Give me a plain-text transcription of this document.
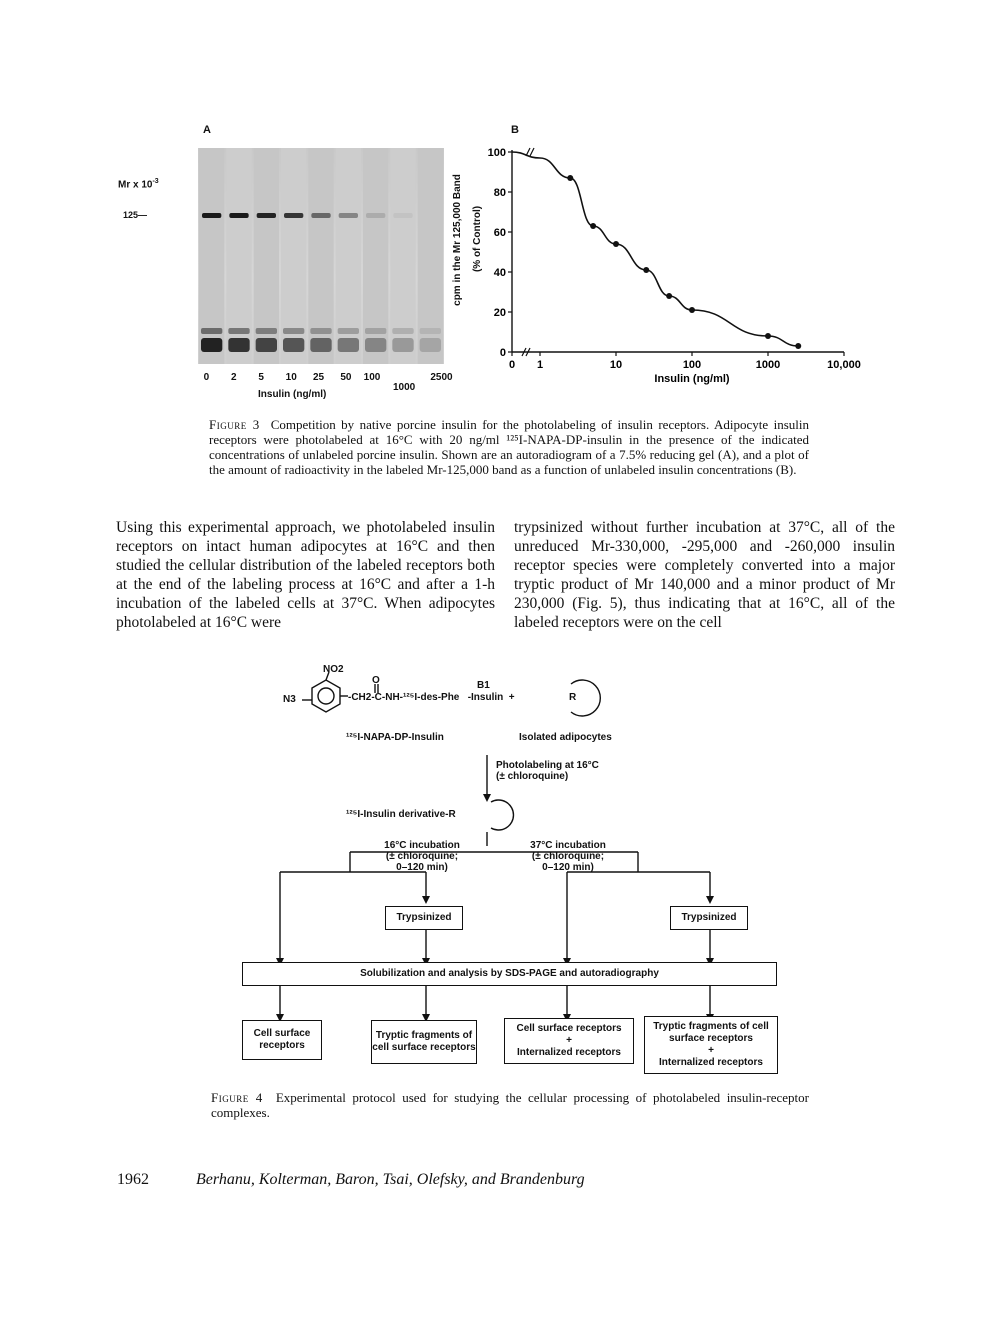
A
Mr x $10^{-3}$
125—
0 2 5 10 25 50 100
1000
2500
Insulin (ng/ml)
B
cpm in the Mr 125,000 Band (% of Control)
0
20
40
60
80
100
0 1	10	100	1000	10,000
Insulin (ng/ml)
Figure 3 Competition by native porcine insulin for the photolabeling of insulin receptors. Adipocyte insulin receptors were photolabeled at 16°C with 20 ng/ml ¹²⁵I-NAPA-DP-insulin in the presence of the indicated concentrations of unlabeled porcine insulin. Shown are an autoradiogram of a 7.5% reducing gel (A), and a plot of the amount of radioactivity in the labeled Mr-125,000 band as a function of unlabeled insulin concentrations (B).
Using this experimental approach, we photolabeled insulin receptors on intact human adipocytes at 16°C and then studied the cellular distribution of the labeled receptors both at the end of the labeling process at 16°C and after a 1-h incubation of the labeled cells at 37°C. When adipocytes photolabeled at 16°C were
trypsinized without further incubation at 37°C, all of the unreduced Mr-330,000, -295,000 and -260,000 insulin receptor species were completely converted into a major tryptic product of Mr 140,000 and a minor product of Mr 230,000 (Fig. 5), thus indicating that at 16°C, all of the labeled receptors were on the cell
NO2
N3
O	B1
-CH2-C-NH-¹²⁵I-des-Phe   -Insulin  +	R
¹²⁵I-NAPA-DP-Insulin	Isolated adipocytes
Photolabeling at 16°C
(± chloroquine)
¹²⁵I-Insulin derivative-R
16°C incubation
(± chloroquine;
0–120 min)
37°C incubation
(± chloroquine;
0–120 min)
Trypsinized	Trypsinized
Solubilization and analysis by SDS-PAGE and autoradiography
Cell surface receptors
Tryptic fragments of cell surface receptors
Cell surface receptors
+
Internalized receptors
Tryptic fragments of cell surface receptors
+
Internalized receptors
Figure 4 Experimental protocol used for studying the cellular processing of photolabeled insulin-receptor complexes.
1962	Berhanu, Kolterman, Baron, Tsai, Olefsky, and Brandenburg
